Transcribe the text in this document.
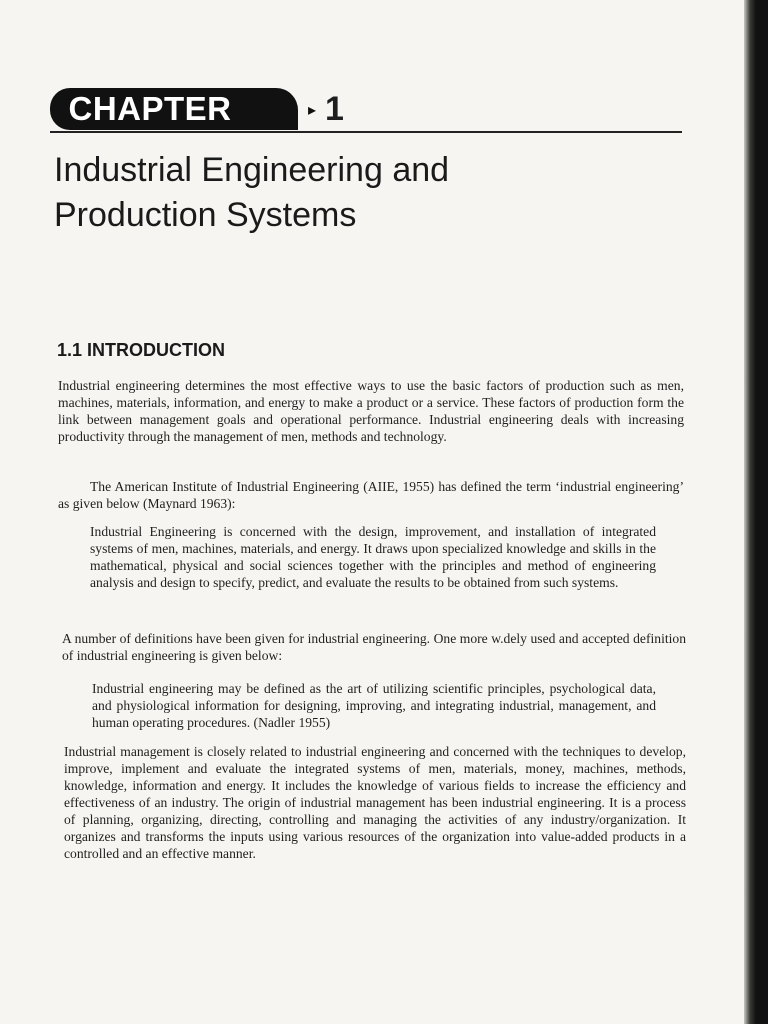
CHAPTER	▸ 1
Industrial Engineering and
Production Systems
1.1 INTRODUCTION

Industrial engineering determines the most effective ways to use the basic factors of production such as men, machines, materials, information, and energy to make a product or a service. These factors of production form the link between management goals and operational performance. Industrial engineering deals with increasing productivity through the management of men, methods and technology.

The American Institute of Industrial Engineering (AIIE, 1955) has defined the term ‘industrial engineering’ as given below (Maynard 1963):

Industrial Engineering is concerned with the design, improvement, and installation of integrated systems of men, machines, materials, and energy. It draws upon specialized knowledge and skills in the mathematical, physical and social sciences together with the principles and method of engineering analysis and design to specify, predict, and evaluate the results to be obtained from such systems.

A number of definitions have been given for industrial engineering. One more w.dely used and accepted definition of industrial engineering is given below:

Industrial engineering may be defined as the art of utilizing scientific principles, psychological data, and physiological information for designing, improving, and integrating industrial, management, and human operating procedures. (Nadler 1955)

Industrial management is closely related to industrial engineering and concerned with the techniques to develop, improve, implement and evaluate the integrated systems of men, materials, money, machines, methods, knowledge, information and energy. It includes the knowledge of various fields to increase the efficiency and effectiveness of an industry. The origin of industrial management has been industrial engineering. It is a process of planning, organizing, directing, controlling and managing the activities of any industry/organization. It organizes and transforms the inputs using various resources of the organization into value-added products in a controlled and an effective manner.
